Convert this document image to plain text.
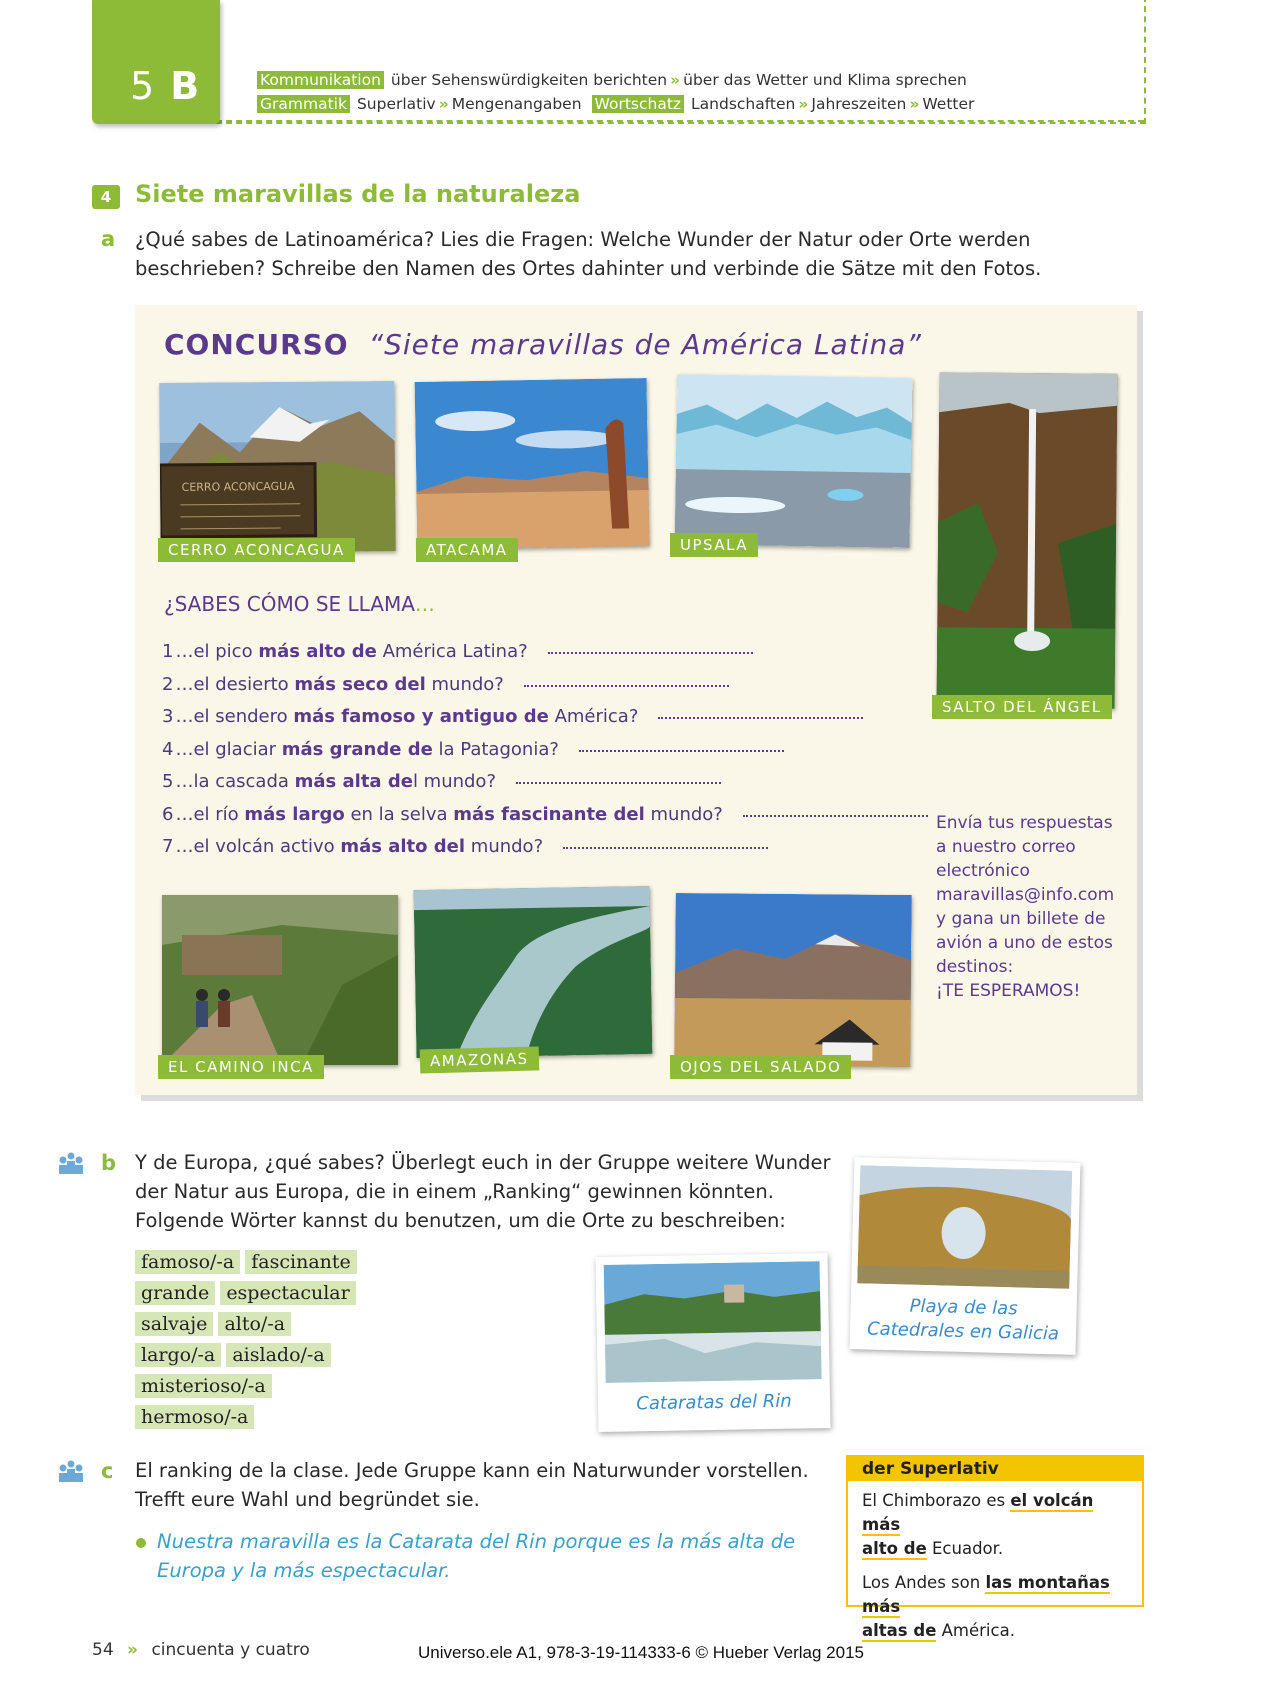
5 B	Kommunikation über Sehenswürdigkeiten berichten » über das Wetter und Klima sprechen
Grammatik Superlativ » Mengenangaben Wortschatz Landschaften » Jahreszeiten » Wetter
4 Siete maravillas de la naturaleza
a ¿Qué sabes de Latinoamérica? Lies die Fragen: Welche Wunder der Natur oder Orte werden
beschrieben? Schreibe den Namen des Ortes dahinter und verbinde die Sätze mit den Fotos.
CONCURSO “Siete maravillas de América Latina”
CERRO ACONCAGUA
CERRO ACONCAGUA	ATACAMA	UPSALA
SALTO DEL ÁNGEL
¿SABES CÓMO SE LLAMA…
1 …el pico más alto de América Latina?
2 …el desierto más seco del mundo?
3 …el sendero más famoso y antiguo de América?
4 …el glaciar más grande de la Patagonia?
5 …la cascada más alta del mundo?
6 …el río más largo en la selva más fascinante del mundo?
7 …el volcán activo más alto del mundo?
Envía tus respuestas
a nuestro correo
electrónico
maravillas@info.com
y gana un billete de
avión a uno de estos
destinos:
¡TE ESPERAMOS!
EL CAMINO INCA	AMAZONAS	OJOS DEL SALADO
b Y de Europa, ¿qué sabes? Überlegt euch in der Gruppe weitere Wunder
der Natur aus Europa, die in einem „Ranking“ gewinnen könnten.
Folgende Wörter kannst du benutzen, um die Orte zu beschreiben:
famoso/-a fascinante
grande espectacular
salvaje alto/-a
largo/-a aislado/-a
misterioso/-a
hermoso/-a
Cataratas del Rin
Playa de las
Catedrales en Galicia
c El ranking de la clase. Jede Gruppe kann ein Naturwunder vorstellen.
Trefft eure Wahl und begründet sie.
Nuestra maravilla es la Catarata del Rin porque es la más alta de
Europa y la más espectacular.
der Superlativ
El Chimborazo es el volcán más
alto de Ecuador.
Los Andes son las montañas más
altas de América.
54 » cincuenta y cuatro	Universo.ele A1, 978-3-19-114333-6 © Hueber Verlag 2015
